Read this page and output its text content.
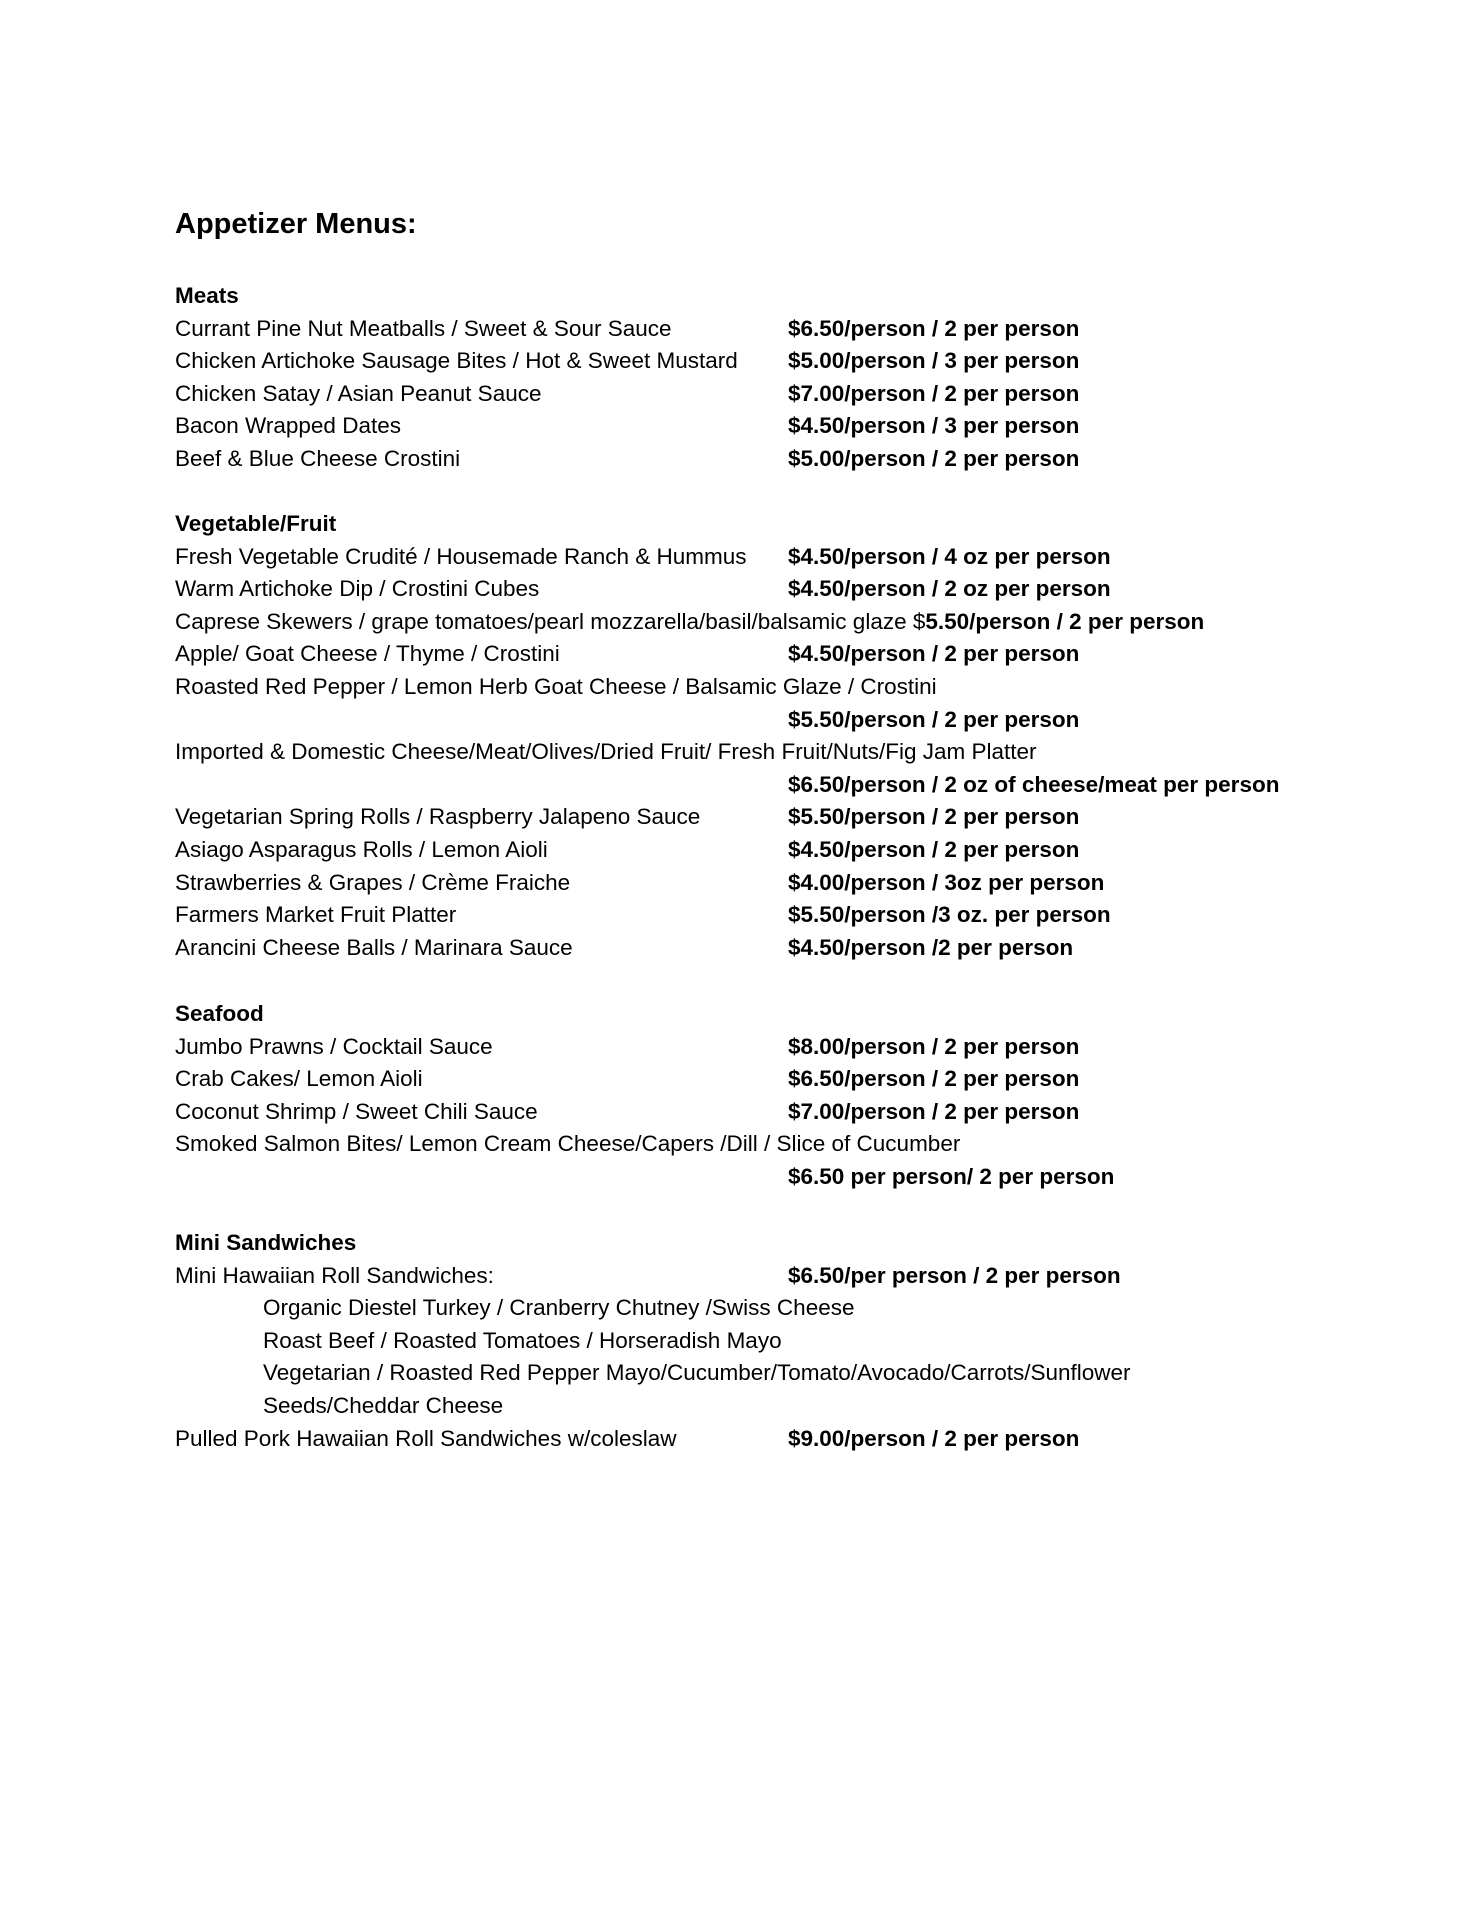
Appetizer Menus:
Meats
Currant Pine Nut Meatballs / Sweet & Sour Sauce	$6.50/person / 2 per person
Chicken Artichoke Sausage Bites / Hot & Sweet Mustard $5.00/person / 3 per person
Chicken Satay / Asian Peanut Sauce	$7.00/person / 2 per person
Bacon Wrapped Dates	$4.50/person / 3 per person
Beef & Blue Cheese Crostini	$5.00/person / 2 per person
Vegetable/Fruit
Fresh Vegetable Crudité / Housemade Ranch & Hummus $4.50/person / 4 oz per person
Warm Artichoke Dip / Crostini Cubes	$4.50/person / 2 oz per person
Caprese Skewers / grape tomatoes/pearl mozzarella/basil/balsamic glaze $5.50/person / 2 per person
Apple/ Goat Cheese / Thyme / Crostini	$4.50/person / 2 per person
Roasted Red Pepper / Lemon Herb Goat Cheese / Balsamic Glaze / Crostini
$5.50/person / 2 per person
Imported & Domestic Cheese/Meat/Olives/Dried Fruit/ Fresh Fruit/Nuts/Fig Jam Platter
$6.50/person / 2 oz of cheese/meat per person
Vegetarian Spring Rolls / Raspberry Jalapeno Sauce	$5.50/person / 2 per person
Asiago Asparagus Rolls / Lemon Aioli	$4.50/person / 2 per person
Strawberries & Grapes / Crème Fraiche	$4.00/person / 3oz per person
Farmers Market Fruit Platter	$5.50/person /3 oz. per person
Arancini Cheese Balls / Marinara Sauce	$4.50/person /2 per person
Seafood
Jumbo Prawns / Cocktail Sauce	$8.00/person / 2 per person
Crab Cakes/ Lemon Aioli	$6.50/person / 2 per person
Coconut Shrimp / Sweet Chili Sauce	$7.00/person / 2 per person
Smoked Salmon Bites/ Lemon Cream Cheese/Capers /Dill / Slice of Cucumber
$6.50 per person/ 2 per person
Mini Sandwiches
Mini Hawaiian Roll Sandwiches:	$6.50/per person / 2 per person
Organic Diestel Turkey / Cranberry Chutney /Swiss Cheese
Roast Beef / Roasted Tomatoes / Horseradish Mayo
Vegetarian / Roasted Red Pepper Mayo/Cucumber/Tomato/Avocado/Carrots/Sunflower
Seeds/Cheddar Cheese
Pulled Pork Hawaiian Roll Sandwiches w/coleslaw	$9.00/person / 2 per person
